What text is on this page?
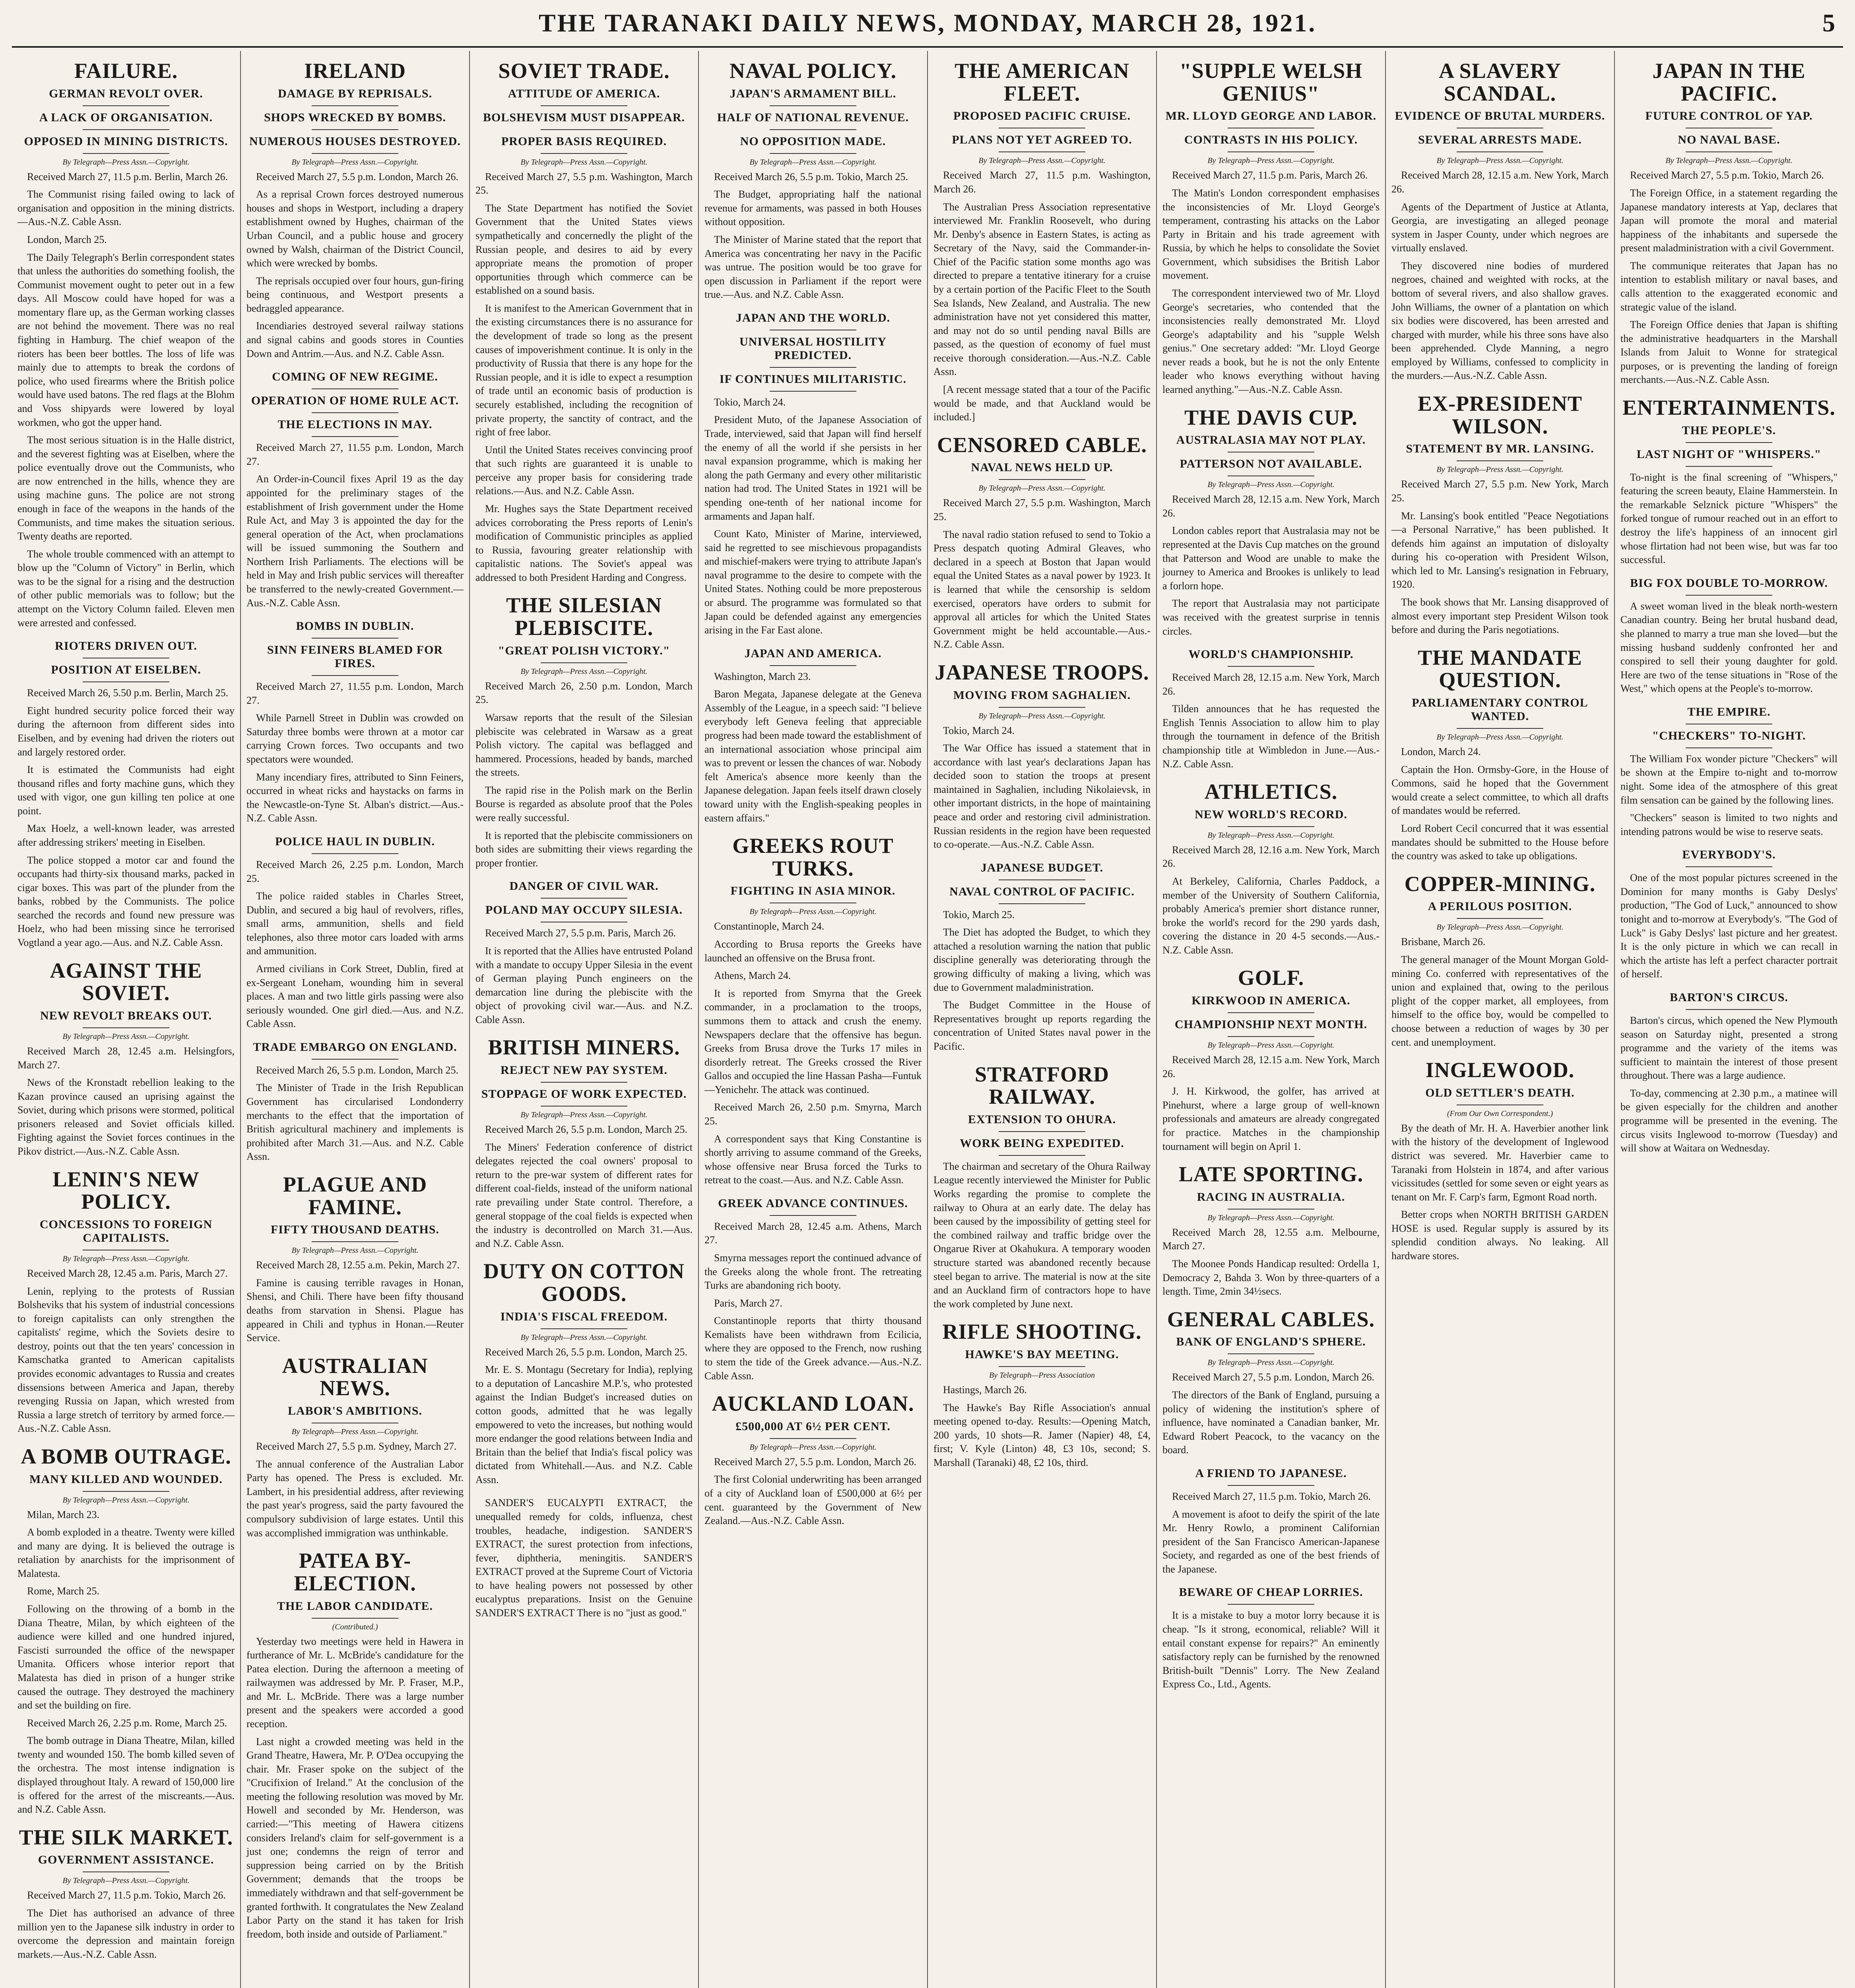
THE TARANAKI DAILY NEWS, MONDAY, MARCH 28, 1921.	5
FAILURE.
GERMAN REVOLT OVER.
A LACK OF ORGANISATION.
OPPOSED IN MINING DISTRICTS.
By Telegraph—Press Assn.—Copyright.

Received March 27, 11.5 p.m. Berlin, March 26.

The Communist rising failed owing to lack of organisation and opposition in the mining districts.—Aus.-N.Z. Cable Assn.

London, March 25.

The Daily Telegraph's Berlin correspondent states that unless the authorities do something foolish, the Communist movement ought to peter out in a few days. All Moscow could have hoped for was a momentary flare up, as the German working classes are not behind the movement. There was no real fighting in Hamburg. The chief weapon of the rioters has been beer bottles. The loss of life was mainly due to attempts to break the cordons of police, who used firearms where the British police would have used batons. The red flags at the Blohm and Voss shipyards were lowered by loyal workmen, who got the upper hand.

The most serious situation is in the Halle district, and the severest fighting was at Eiselben, where the police eventually drove out the Communists, who are now entrenched in the hills, whence they are using machine guns. The police are not strong enough in face of the weapons in the hands of the Communists, and time makes the situation serious. Twenty deaths are reported.

The whole trouble commenced with an attempt to blow up the "Column of Victory" in Berlin, which was to be the signal for a rising and the destruction of other public memorials was to follow; but the attempt on the Victory Column failed. Eleven men were arrested and confessed.

RIOTERS DRIVEN OUT.
POSITION AT EISELBEN.

Received March 26, 5.50 p.m. Berlin, March 25.

Eight hundred security police forced their way during the afternoon from different sides into Eiselben, and by evening had driven the rioters out and largely restored order.

It is estimated the Communists had eight thousand rifles and forty machine guns, which they used with vigor, one gun killing ten police at one point.

Max Hoelz, a well-known leader, was arrested after addressing strikers' meeting in Eiselben.

The police stopped a motor car and found the occupants had thirty-six thousand marks, packed in cigar boxes. This was part of the plunder from the banks, robbed by the Communists. The police searched the records and found new pressure was Hoelz, who had been missing since he terrorised Vogtland a year ago.—Aus. and N.Z. Cable Assn.

AGAINST THE SOVIET.
NEW REVOLT BREAKS OUT.
By Telegraph—Press Assn.—Copyright.

Received March 28, 12.45 a.m. Helsingfors, March 27.

News of the Kronstadt rebellion leaking to the Kazan province caused an uprising against the Soviet, during which prisons were stormed, political prisoners released and Soviet officials killed. Fighting against the Soviet forces continues in the Pikov district.—Aus.-N.Z. Cable Assn.

LENIN'S NEW POLICY.
CONCESSIONS TO FOREIGN CAPITALISTS.
By Telegraph—Press Assn.—Copyright.

Received March 28, 12.45 a.m. Paris, March 27.

Lenin, replying to the protests of Russian Bolsheviks that his system of industrial concessions to foreign capitalists can only strengthen the capitalists' regime, which the Soviets desire to destroy, points out that the ten years' concession in Kamschatka granted to American capitalists provides economic advantages to Russia and creates dissensions between America and Japan, thereby revenging Russia on Japan, which wrested from Russia a large stretch of territory by armed force.—Aus.-N.Z. Cable Assn.

A BOMB OUTRAGE.
MANY KILLED AND WOUNDED.
By Telegraph—Press Assn.—Copyright.

Milan, March 23.

A bomb exploded in a theatre. Twenty were killed and many are dying. It is believed the outrage is retaliation by anarchists for the imprisonment of Malatesta.

Rome, March 25.

Following on the throwing of a bomb in the Diana Theatre, Milan, by which eighteen of the audience were killed and one hundred injured, Fascisti surrounded the office of the newspaper Umanita. Officers whose interior report that Malatesta has died in prison of a hunger strike caused the outrage. They destroyed the machinery and set the building on fire.

Received March 26, 2.25 p.m. Rome, March 25.

The bomb outrage in Diana Theatre, Milan, killed twenty and wounded 150. The bomb killed seven of the orchestra. The most intense indignation is displayed throughout Italy. A reward of 150,000 lire is offered for the arrest of the miscreants.—Aus. and N.Z. Cable Assn.

THE SILK MARKET.
GOVERNMENT ASSISTANCE.
By Telegraph—Press Assn.—Copyright.

Received March 27, 11.5 p.m. Tokio, March 26.

The Diet has authorised an advance of three million yen to the Japanese silk industry in order to overcome the depression and maintain foreign markets.—Aus.-N.Z. Cable Assn.

IRELAND
DAMAGE BY REPRISALS.
SHOPS WRECKED BY BOMBS.
NUMEROUS HOUSES DESTROYED.
By Telegraph—Press Assn.—Copyright.

Received March 27, 5.5 p.m. London, March 26.

As a reprisal Crown forces destroyed numerous houses and shops in Westport, including a drapery establishment owned by Hughes, chairman of the Urban Council, and a public house and grocery owned by Walsh, chairman of the District Council, which were wrecked by bombs.

The reprisals occupied over four hours, gun-firing being continuous, and Westport presents a bedraggled appearance.

Incendiaries destroyed several railway stations and signal cabins and goods stores in Counties Down and Antrim.—Aus. and N.Z. Cable Assn.

COMING OF NEW REGIME.
OPERATION OF HOME RULE ACT.
THE ELECTIONS IN MAY.

Received March 27, 11.55 p.m. London, March 27.

An Order-in-Council fixes April 19 as the day appointed for the preliminary stages of the establishment of Irish government under the Home Rule Act, and May 3 is appointed the day for the general operation of the Act, when proclamations will be issued summoning the Southern and Northern Irish Parliaments. The elections will be held in May and Irish public services will thereafter be transferred to the newly-created Government.—Aus.-N.Z. Cable Assn.

BOMBS IN DUBLIN.
SINN FEINERS BLAMED FOR FIRES.

Received March 27, 11.55 p.m. London, March 27.

While Parnell Street in Dublin was crowded on Saturday three bombs were thrown at a motor car carrying Crown forces. Two occupants and two spectators were wounded.

Many incendiary fires, attributed to Sinn Feiners, occurred in wheat ricks and haystacks on farms in the Newcastle-on-Tyne St. Alban's district.—Aus.-N.Z. Cable Assn.

POLICE HAUL IN DUBLIN.

Received March 26, 2.25 p.m. London, March 25.

The police raided stables in Charles Street, Dublin, and secured a big haul of revolvers, rifles, small arms, ammunition, shells and field telephones, also three motor cars loaded with arms and ammunition.

Armed civilians in Cork Street, Dublin, fired at ex-Sergeant Loneham, wounding him in several places. A man and two little girls passing were also seriously wounded. One girl died.—Aus. and N.Z. Cable Assn.

TRADE EMBARGO ON ENGLAND.

Received March 26, 5.5 p.m. London, March 25.

The Minister of Trade in the Irish Republican Government has circularised Londonderry merchants to the effect that the importation of British agricultural machinery and implements is prohibited after March 31.—Aus. and N.Z. Cable Assn.

PLAGUE AND FAMINE.
FIFTY THOUSAND DEATHS.
By Telegraph—Press Assn.—Copyright.

Received March 28, 12.55 a.m. Pekin, March 27.

Famine is causing terrible ravages in Honan, Shensi, and Chili. There have been fifty thousand deaths from starvation in Shensi. Plague has appeared in Chili and typhus in Honan.—Reuter Service.

AUSTRALIAN NEWS.
LABOR'S AMBITIONS.
By Telegraph—Press Assn.—Copyright.

Received March 27, 5.5 p.m. Sydney, March 27.

The annual conference of the Australian Labor Party has opened. The Press is excluded. Mr. Lambert, in his presidential address, after reviewing the past year's progress, said the party favoured the compulsory subdivision of large estates. Until this was accomplished immigration was unthinkable.

PATEA BY-ELECTION.
THE LABOR CANDIDATE.
(Contributed.)

Yesterday two meetings were held in Hawera in furtherance of Mr. L. McBride's candidature for the Patea election. During the afternoon a meeting of railwaymen was addressed by Mr. P. Fraser, M.P., and Mr. L. McBride. There was a large number present and the speakers were accorded a good reception.

Last night a crowded meeting was held in the Grand Theatre, Hawera, Mr. P. O'Dea occupying the chair. Mr. Fraser spoke on the subject of the "Crucifixion of Ireland." At the conclusion of the meeting the following resolution was moved by Mr. Howell and seconded by Mr. Henderson, was carried:—"This meeting of Hawera citizens considers Ireland's claim for self-government is a just one; condemns the reign of terror and suppression being carried on by the British Government; demands that the troops be immediately withdrawn and that self-government be granted forthwith. It congratulates the New Zealand Labor Party on the stand it has taken for Irish freedom, both inside and outside of Parliament."

SOVIET TRADE.
ATTITUDE OF AMERICA.
BOLSHEVISM MUST DISAPPEAR.
PROPER BASIS REQUIRED.
By Telegraph—Press Assn.—Copyright.

Received March 27, 5.5 p.m. Washington, March 25.

The State Department has notified the Soviet Government that the United States views sympathetically and concernedly the plight of the Russian people, and desires to aid by every appropriate means the promotion of proper opportunities through which commerce can be established on a sound basis.

It is manifest to the American Government that in the existing circumstances there is no assurance for the development of trade so long as the present causes of impoverishment continue. It is only in the productivity of Russia that there is any hope for the Russian people, and it is idle to expect a resumption of trade until an economic basis of production is securely established, including the recognition of private property, the sanctity of contract, and the right of free labor.

Until the United States receives convincing proof that such rights are guaranteed it is unable to perceive any proper basis for considering trade relations.—Aus. and N.Z. Cable Assn.

Mr. Hughes says the State Department received advices corroborating the Press reports of Lenin's modification of Communistic principles as applied to Russia, favouring greater relationship with capitalistic nations. The Soviet's appeal was addressed to both President Harding and Congress.

THE SILESIAN PLEBISCITE.
"GREAT POLISH VICTORY."
By Telegraph—Press Assn.—Copyright.

Received March 26, 2.50 p.m. London, March 25.

Warsaw reports that the result of the Silesian plebiscite was celebrated in Warsaw as a great Polish victory. The capital was beflagged and hammered. Processions, headed by bands, marched the streets.

The rapid rise in the Polish mark on the Berlin Bourse is regarded as absolute proof that the Poles were really successful.

It is reported that the plebiscite commissioners on both sides are submitting their views regarding the proper frontier.

DANGER OF CIVIL WAR.
POLAND MAY OCCUPY SILESIA.

Received March 27, 5.5 p.m. Paris, March 26.

It is reported that the Allies have entrusted Poland with a mandate to occupy Upper Silesia in the event of German playing Punch engineers on the demarcation line during the plebiscite with the object of provoking civil war.—Aus. and N.Z. Cable Assn.

BRITISH MINERS.
REJECT NEW PAY SYSTEM.
STOPPAGE OF WORK EXPECTED.
By Telegraph—Press Assn.—Copyright.

Received March 26, 5.5 p.m. London, March 25.

The Miners' Federation conference of district delegates rejected the coal owners' proposal to return to the pre-war system of different rates for different coal-fields, instead of the uniform national rate prevailing under State control. Therefore, a general stoppage of the coal fields is expected when the industry is decontrolled on March 31.—Aus. and N.Z. Cable Assn.

DUTY ON COTTON GOODS.
INDIA'S FISCAL FREEDOM.
By Telegraph—Press Assn.—Copyright.

Received March 26, 5.5 p.m. London, March 25.

Mr. E. S. Montagu (Secretary for India), replying to a deputation of Lancashire M.P.'s, who protested against the Indian Budget's increased duties on cotton goods, admitted that he was legally empowered to veto the increases, but nothing would more endanger the good relations between India and Britain than the belief that India's fiscal policy was dictated from Whitehall.—Aus. and N.Z. Cable Assn.

SANDER'S EUCALYPTI EXTRACT, the unequalled remedy for colds, influenza, chest troubles, headache, indigestion. SANDER'S EXTRACT, the surest protection from infections, fever, diphtheria, meningitis. SANDER'S EXTRACT proved at the Supreme Court of Victoria to have healing powers not possessed by other eucalyptus preparations. Insist on the Genuine SANDER'S EXTRACT There is no "just as good."

NAVAL POLICY.
JAPAN'S ARMAMENT BILL.
HALF OF NATIONAL REVENUE.
NO OPPOSITION MADE.
By Telegraph—Press Assn.—Copyright.

Received March 26, 5.5 p.m. Tokio, March 25.

The Budget, appropriating half the national revenue for armaments, was passed in both Houses without opposition.

The Minister of Marine stated that the report that America was concentrating her navy in the Pacific was untrue. The position would be too grave for open discussion in Parliament if the report were true.—Aus. and N.Z. Cable Assn.

JAPAN AND THE WORLD.
UNIVERSAL HOSTILITY PREDICTED.
IF CONTINUES MILITARISTIC.

Tokio, March 24.

President Muto, of the Japanese Association of Trade, interviewed, said that Japan will find herself the enemy of all the world if she persists in her naval expansion programme, which is making her along the path Germany and every other militaristic nation had trod. The United States in 1921 will be spending one-tenth of her national income for armaments and Japan half.

Count Kato, Minister of Marine, interviewed, said he regretted to see mischievous propagandists and mischief-makers were trying to attribute Japan's naval programme to the desire to compete with the United States. Nothing could be more preposterous or absurd. The programme was formulated so that Japan could be defended against any emergencies arising in the Far East alone.

JAPAN AND AMERICA.

Washington, March 23.

Baron Megata, Japanese delegate at the Geneva Assembly of the League, in a speech said: "I believe everybody left Geneva feeling that appreciable progress had been made toward the establishment of an international association whose principal aim was to prevent or lessen the chances of war. Nobody felt America's absence more keenly than the Japanese delegation. Japan feels itself drawn closely toward unity with the English-speaking peoples in eastern affairs."

GREEKS ROUT TURKS.
FIGHTING IN ASIA MINOR.
By Telegraph—Press Assn.—Copyright.

Constantinople, March 24.

According to Brusa reports the Greeks have launched an offensive on the Brusa front.

Athens, March 24.

It is reported from Smyrna that the Greek commander, in a proclamation to the troops, summons them to attack and crush the enemy. Newspapers declare that the offensive has begun. Greeks from Brusa drove the Turks 17 miles in disorderly retreat. The Greeks crossed the River Gallos and occupied the line Hassan Pasha—Funtuk—Yenichehr. The attack was continued.

Received March 26, 2.50 p.m. Smyrna, March 25.

A correspondent says that King Constantine is shortly arriving to assume command of the Greeks, whose offensive near Brusa forced the Turks to retreat to the coast.—Aus. and N.Z. Cable Assn.

GREEK ADVANCE CONTINUES.

Received March 28, 12.45 a.m. Athens, March 27.

Smyrna messages report the continued advance of the Greeks along the whole front. The retreating Turks are abandoning rich booty.

Paris, March 27.

Constantinople reports that thirty thousand Kemalists have been withdrawn from Ecilicia, where they are opposed to the French, now rushing to stem the tide of the Greek advance.—Aus.-N.Z. Cable Assn.

AUCKLAND LOAN.
£500,000 AT 6½ PER CENT.
By Telegraph—Press Assn.—Copyright.

Received March 27, 5.5 p.m. London, March 26.

The first Colonial underwriting has been arranged of a city of Auckland loan of £500,000 at 6½ per cent. guaranteed by the Government of New Zealand.—Aus.-N.Z. Cable Assn.

THE AMERICAN FLEET.
PROPOSED PACIFIC CRUISE.
PLANS NOT YET AGREED TO.
By Telegraph—Press Assn.—Copyright.

Received March 27, 11.5 p.m. Washington, March 26.

The Australian Press Association representative interviewed Mr. Franklin Roosevelt, who during Mr. Denby's absence in Eastern States, is acting as Secretary of the Navy, said the Commander-in-Chief of the Pacific station some months ago was directed to prepare a tentative itinerary for a cruise by a certain portion of the Pacific Fleet to the South Sea Islands, New Zealand, and Australia. The new administration have not yet considered this matter, and may not do so until pending naval Bills are passed, as the question of economy of fuel must receive thorough consideration.—Aus.-N.Z. Cable Assn.

[A recent message stated that a tour of the Pacific would be made, and that Auckland would be included.]

CENSORED CABLE.
NAVAL NEWS HELD UP.
By Telegraph—Press Assn.—Copyright.

Received March 27, 5.5 p.m. Washington, March 25.

The naval radio station refused to send to Tokio a Press despatch quoting Admiral Gleaves, who declared in a speech at Boston that Japan would equal the United States as a naval power by 1923. It is learned that while the censorship is seldom exercised, operators have orders to submit for approval all articles for which the United States Government might be held accountable.—Aus.-N.Z. Cable Assn.

JAPANESE TROOPS.
MOVING FROM SAGHALIEN.
By Telegraph—Press Assn.—Copyright.

Tokio, March 24.

The War Office has issued a statement that in accordance with last year's declarations Japan has decided soon to station the troops at present maintained in Saghalien, including Nikolaievsk, in other important districts, in the hope of maintaining peace and order and restoring civil administration. Russian residents in the region have been requested to co-operate.—Aus.-N.Z. Cable Assn.

JAPANESE BUDGET.
NAVAL CONTROL OF PACIFIC.

Tokio, March 25.

The Diet has adopted the Budget, to which they attached a resolution warning the nation that public discipline generally was deteriorating through the growing difficulty of making a living, which was due to Government maladministration.

The Budget Committee in the House of Representatives brought up reports regarding the concentration of United States naval power in the Pacific.

STRATFORD RAILWAY.
EXTENSION TO OHURA.
WORK BEING EXPEDITED.

The chairman and secretary of the Ohura Railway League recently interviewed the Minister for Public Works regarding the promise to complete the railway to Ohura at an early date. The delay has been caused by the impossibility of getting steel for the combined railway and traffic bridge over the Ongarue River at Okahukura. A temporary wooden structure started was abandoned recently because steel began to arrive. The material is now at the site and an Auckland firm of contractors hope to have the work completed by June next.

RIFLE SHOOTING.
HAWKE'S BAY MEETING.
By Telegraph—Press Association

Hastings, March 26.

The Hawke's Bay Rifle Association's annual meeting opened to-day. Results:—Opening Match, 200 yards, 10 shots—R. Jamer (Napier) 48, £4, first; V. Kyle (Linton) 48, £3 10s, second; S. Marshall (Taranaki) 48, £2 10s, third.

"SUPPLE WELSH GENIUS"
MR. LLOYD GEORGE AND LABOR.
CONTRASTS IN HIS POLICY.
By Telegraph—Press Assn.—Copyright.

Received March 27, 11.5 p.m. Paris, March 26.

The Matin's London correspondent emphasises the inconsistencies of Mr. Lloyd George's temperament, contrasting his attacks on the Labor Party in Britain and his trade agreement with Russia, by which he helps to consolidate the Soviet Government, which subsidises the British Labor movement.

The correspondent interviewed two of Mr. Lloyd George's secretaries, who contended that the inconsistencies really demonstrated Mr. Lloyd George's adaptability and his "supple Welsh genius." One secretary added: "Mr. Lloyd George never reads a book, but he is not the only Entente leader who knows everything without having learned anything."—Aus.-N.Z. Cable Assn.

THE DAVIS CUP.
AUSTRALASIA MAY NOT PLAY.
PATTERSON NOT AVAILABLE.
By Telegraph—Press Assn.—Copyright.

Received March 28, 12.15 a.m. New York, March 26.

London cables report that Australasia may not be represented at the Davis Cup matches on the ground that Patterson and Wood are unable to make the journey to America and Brookes is unlikely to lead a forlorn hope.

The report that Australasia may not participate was received with the greatest surprise in tennis circles.

WORLD'S CHAMPIONSHIP.

Received March 28, 12.15 a.m. New York, March 26.

Tilden announces that he has requested the English Tennis Association to allow him to play through the tournament in defence of the British championship title at Wimbledon in June.—Aus.-N.Z. Cable Assn.

ATHLETICS.
NEW WORLD'S RECORD.
By Telegraph—Press Assn.—Copyright.

Received March 28, 12.16 a.m. New York, March 26.

At Berkeley, California, Charles Paddock, a member of the University of Southern California, probably America's premier short distance runner, broke the world's record for the 290 yards dash, covering the distance in 20 4-5 seconds.—Aus.-N.Z. Cable Assn.

GOLF.
KIRKWOOD IN AMERICA.
CHAMPIONSHIP NEXT MONTH.
By Telegraph—Press Assn.—Copyright.

Received March 28, 12.15 a.m. New York, March 26.

J. H. Kirkwood, the golfer, has arrived at Pinehurst, where a large group of well-known professionals and amateurs are already congregated for practice. Matches in the championship tournament will begin on April 1.

LATE SPORTING.
RACING IN AUSTRALIA.
By Telegraph—Press Assn.—Copyright.

Received March 28, 12.55 a.m. Melbourne, March 27.

The Moonee Ponds Handicap resulted: Ordella 1, Democracy 2, Bahda 3. Won by three-quarters of a length. Time, 2min 34½secs.

GENERAL CABLES.
BANK OF ENGLAND'S SPHERE.
By Telegraph—Press Assn.—Copyright.

Received March 27, 5.5 p.m. London, March 26.

The directors of the Bank of England, pursuing a policy of widening the institution's sphere of influence, have nominated a Canadian banker, Mr. Edward Robert Peacock, to the vacancy on the board.

A FRIEND TO JAPANESE.

Received March 27, 11.5 p.m. Tokio, March 26.

A movement is afoot to deify the spirit of the late Mr. Henry Rowlo, a prominent Californian president of the San Francisco American-Japanese Society, and regarded as one of the best friends of the Japanese.

BEWARE OF CHEAP LORRIES.

It is a mistake to buy a motor lorry because it is cheap. "Is it strong, economical, reliable? Will it entail constant expense for repairs?" An eminently satisfactory reply can be furnished by the renowned British-built "Dennis" Lorry. The New Zealand Express Co., Ltd., Agents.

A SLAVERY SCANDAL.
EVIDENCE OF BRUTAL MURDERS.
SEVERAL ARRESTS MADE.
By Telegraph—Press Assn.—Copyright.

Received March 28, 12.15 a.m. New York, March 26.

Agents of the Department of Justice at Atlanta, Georgia, are investigating an alleged peonage system in Jasper County, under which negroes are virtually enslaved.

They discovered nine bodies of murdered negroes, chained and weighted with rocks, at the bottom of several rivers, and also shallow graves. John Williams, the owner of a plantation on which six bodies were discovered, has been arrested and charged with murder, while his three sons have also been apprehended. Clyde Manning, a negro employed by Williams, confessed to complicity in the murders.—Aus.-N.Z. Cable Assn.

EX-PRESIDENT WILSON.
STATEMENT BY MR. LANSING.
By Telegraph—Press Assn.—Copyright.

Received March 27, 5.5 p.m. New York, March 25.

Mr. Lansing's book entitled "Peace Negotiations—a Personal Narrative," has been published. It defends him against an imputation of disloyalty during his co-operation with President Wilson, which led to Mr. Lansing's resignation in February, 1920.

The book shows that Mr. Lansing disapproved of almost every important step President Wilson took before and during the Paris negotiations.

THE MANDATE QUESTION.
PARLIAMENTARY CONTROL WANTED.
By Telegraph—Press Assn.—Copyright.

London, March 24.

Captain the Hon. Ormsby-Gore, in the House of Commons, said he hoped that the Government would create a select committee, to which all drafts of mandates would be referred.

Lord Robert Cecil concurred that it was essential mandates should be submitted to the House before the country was asked to take up obligations.

COPPER-MINING.
A PERILOUS POSITION.
By Telegraph—Press Assn.—Copyright.

Brisbane, March 26.

The general manager of the Mount Morgan Gold-mining Co. conferred with representatives of the union and explained that, owing to the perilous plight of the copper market, all employees, from himself to the office boy, would be compelled to choose between a reduction of wages by 30 per cent. and unemployment.

INGLEWOOD.
OLD SETTLER'S DEATH.
(From Our Own Correspondent.)

By the death of Mr. H. A. Haverbier another link with the history of the development of Inglewood district was severed. Mr. Haverbier came to Taranaki from Holstein in 1874, and after various vicissitudes (settled for some seven or eight years as tenant on Mr. F. Carp's farm, Egmont Road north.

Better crops when NORTH BRITISH GARDEN HOSE is used. Regular supply is assured by its splendid condition always. No leaking. All hardware stores.

JAPAN IN THE PACIFIC.
FUTURE CONTROL OF YAP.
NO NAVAL BASE.
By Telegraph—Press Assn.—Copyright.

Received March 27, 5.5 p.m. Tokio, March 26.

The Foreign Office, in a statement regarding the Japanese mandatory interests at Yap, declares that Japan will promote the moral and material happiness of the inhabitants and supersede the present maladministration with a civil Government.

The communique reiterates that Japan has no intention to establish military or naval bases, and calls attention to the exaggerated economic and strategic value of the island.

The Foreign Office denies that Japan is shifting the administrative headquarters in the Marshall Islands from Jaluit to Wonne for strategical purposes, or is preventing the landing of foreign merchants.—Aus.-N.Z. Cable Assn.

ENTERTAINMENTS.
THE PEOPLE'S.
LAST NIGHT OF "WHISPERS."

To-night is the final screening of "Whispers," featuring the screen beauty, Elaine Hammerstein. In the remarkable Selznick picture "Whispers" the forked tongue of rumour reached out in an effort to destroy the life's happiness of an innocent girl whose flirtation had not been wise, but was far too successful.

BIG FOX DOUBLE TO-MORROW.

A sweet woman lived in the bleak north-western Canadian country. Being her brutal husband dead, she planned to marry a true man she loved—but the missing husband suddenly confronted her and conspired to sell their young daughter for gold. Here are two of the tense situations in "Rose of the West," which opens at the People's to-morrow.

THE EMPIRE.
"CHECKERS" TO-NIGHT.

The William Fox wonder picture "Checkers" will be shown at the Empire to-night and to-morrow night. Some idea of the atmosphere of this great film sensation can be gained by the following lines.

"Checkers" season is limited to two nights and intending patrons would be wise to reserve seats.

EVERYBODY'S.

One of the most popular pictures screened in the Dominion for many months is Gaby Deslys' production, "The God of Luck," announced to show tonight and to-morrow at Everybody's. "The God of Luck" is Gaby Deslys' last picture and her greatest. It is the only picture in which we can recall in which the artiste has left a perfect character portrait of herself.

BARTON'S CIRCUS.

Barton's circus, which opened the New Plymouth season on Saturday night, presented a strong programme and the variety of the items was sufficient to maintain the interest of those present throughout. There was a large audience.

To-day, commencing at 2.30 p.m., a matinee will be given especially for the children and another programme will be presented in the evening. The circus visits Inglewood to-morrow (Tuesday) and will show at Waitara on Wednesday.
